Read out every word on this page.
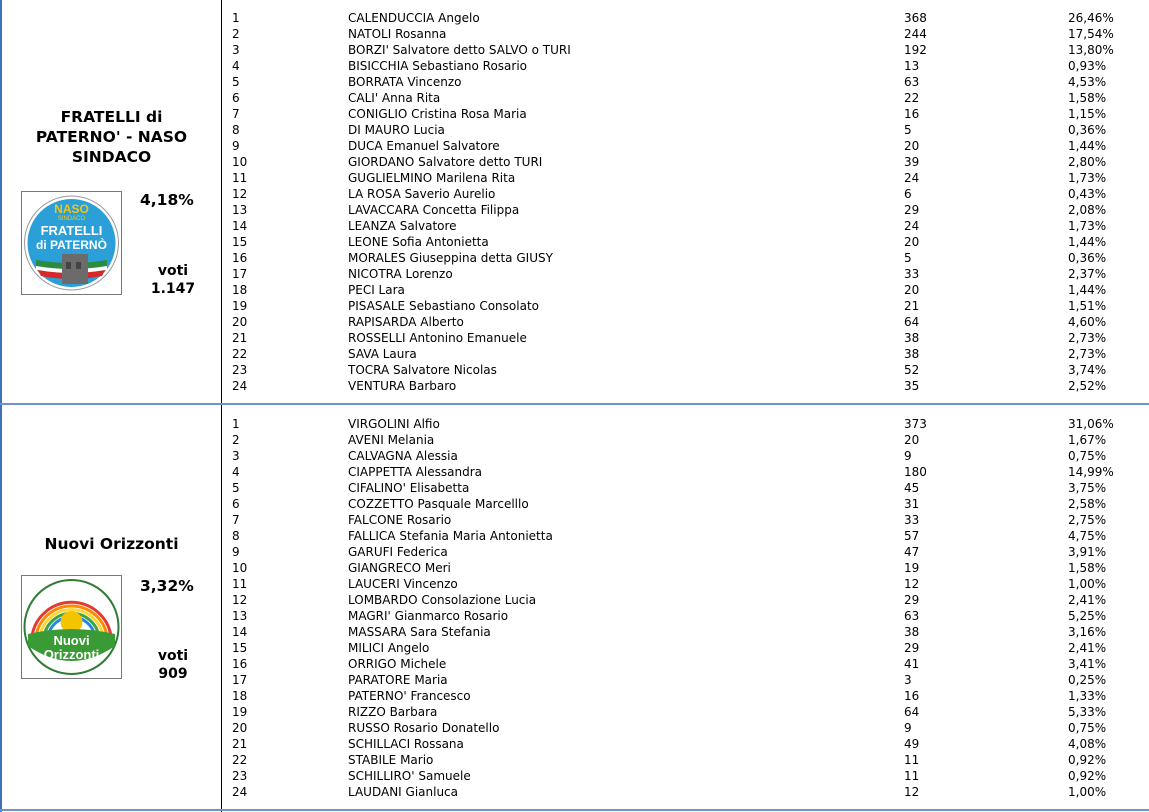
FRATELLI di
PATERNO' - NASO
SINDACO
NASO
SINDACO
FRATELLI
di PATERNÒ
4,18%
voti
1.147
1	CALENDUCCIA Angelo	368	26,46%
2	NATOLI Rosanna	244	17,54%
3	BORZI' Salvatore detto SALVO o TURI	192	13,80%
4	BISICCHIA Sebastiano Rosario	13	0,93%
5	BORRATA Vincenzo	63	4,53%
6	CALI' Anna Rita	22	1,58%
7	CONIGLIO Cristina Rosa Maria	16	1,15%
8	DI MAURO Lucia	5	0,36%
9	DUCA Emanuel Salvatore	20	1,44%
10	GIORDANO Salvatore detto TURI	39	2,80%
11	GUGLIELMINO Marilena Rita	24	1,73%
12	LA ROSA Saverio Aurelio	6	0,43%
13	LAVACCARA Concetta Filippa	29	2,08%
14	LEANZA Salvatore	24	1,73%
15	LEONE Sofia Antonietta	20	1,44%
16	MORALES Giuseppina detta GIUSY	5	0,36%
17	NICOTRA Lorenzo	33	2,37%
18	PECI Lara	20	1,44%
19	PISASALE Sebastiano Consolato	21	1,51%
20	RAPISARDA Alberto	64	4,60%
21	ROSSELLI Antonino Emanuele	38	2,73%
22	SAVA Laura	38	2,73%
23	TOCRA Salvatore Nicolas	52	3,74%
24	VENTURA Barbaro	35	2,52%
Nuovi Orizzonti
Nuovi
Orizzonti
3,32%
voti
909
1	VIRGOLINI Alfio	373	31,06%
2	AVENI Melania	20	1,67%
3	CALVAGNA Alessia	9	0,75%
4	CIAPPETTA Alessandra	180	14,99%
5	CIFALINO' Elisabetta	45	3,75%
6	COZZETTO Pasquale Marcelllo	31	2,58%
7	FALCONE Rosario	33	2,75%
8	FALLICA Stefania Maria Antonietta	57	4,75%
9	GARUFI Federica	47	3,91%
10	GIANGRECO Meri	19	1,58%
11	LAUCERI Vincenzo	12	1,00%
12	LOMBARDO Consolazione Lucia	29	2,41%
13	MAGRI' Gianmarco Rosario	63	5,25%
14	MASSARA Sara Stefania	38	3,16%
15	MILICI Angelo	29	2,41%
16	ORRIGO Michele	41	3,41%
17	PARATORE Maria	3	0,25%
18	PATERNO' Francesco	16	1,33%
19	RIZZO Barbara	64	5,33%
20	RUSSO Rosario Donatello	9	0,75%
21	SCHILLACI Rossana	49	4,08%
22	STABILE Mario	11	0,92%
23	SCHILLIRO' Samuele	11	0,92%
24	LAUDANI Gianluca	12	1,00%
